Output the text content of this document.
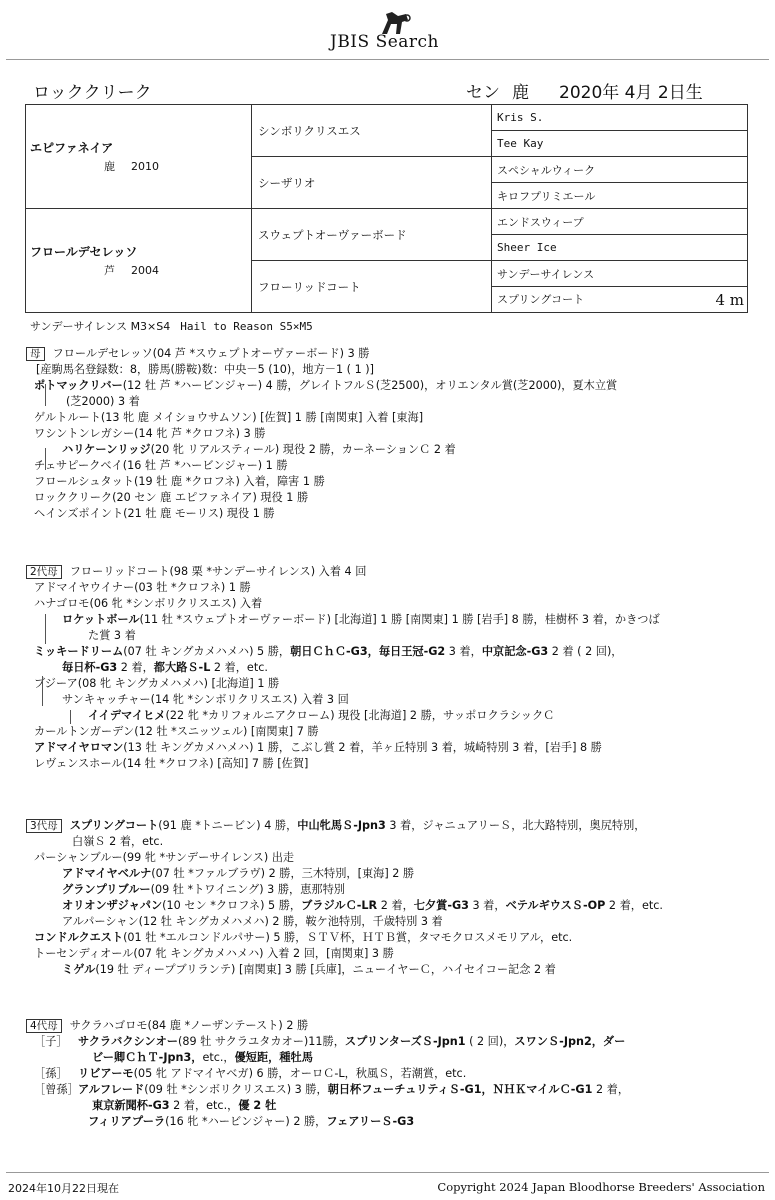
JBIS Search
ロッククリーク	セン 鹿 2020年 4月 2日生
エピファネイア
鹿 2010	シンボリクリスエス	Kris S.
		Tee Kay
	シーザリオ	スペシャルウィーク
		キロフプリミエール

フロールデセレッソ
芦 2004	スウェプトオーヴァーボード	エンドスウィープ
		Sheer Ice
	フローリッドコート	サンデーサイレンス
		スプリングコート 4 m
サンデーサイレンス M3×S4 Hail to Reason S5×M5
母 フロールデセレッソ(04 芦 *スウェプトオーヴァーボード) 3 勝
[産駒馬名登録数：8，勝馬(勝鞍)数：中央－5 (10)，地方－1 ( 1 )]
ポトマックリバー(12 牡 芦 *ハービンジャー) 4 勝，グレイトフルＳ(芝2500)，オリエンタル賞(芝2000)，夏木立賞
(芝2000) 3 着
ゲルトルート(13 牝 鹿 メイショウサムソン) [佐賀] 1 勝 [南関東] 入着 [東海]
ワシントンレガシー(14 牝 芦 *クロフネ) 3 勝
ハリケーンリッジ(20 牝 リアルスティール) 現役 2 勝，カーネーションＣ 2 着
チェサピークベイ(16 牡 芦 *ハービンジャー) 1 勝
フロールシュタット(19 牡 鹿 *クロフネ) 入着，障害 1 勝
ロッククリーク(20 セン 鹿 エピファネイア) 現役 1 勝
ヘインズポイント(21 牡 鹿 モーリス) 現役 1 勝
2代母 フローリッドコート(98 栗 *サンデーサイレンス) 入着 4 回
アドマイヤウイナー(03 牡 *クロフネ) 1 勝
ハナゴロモ(06 牝 *シンボリクリスエス) 入着
ロケットボール(11 牡 *スウェプトオーヴァーボード) [北海道] 1 勝 [南関東] 1 勝 [岩手] 8 勝，桂樹杯 3 着，かきつば
た賞 3 着
ミッキードリーム(07 牡 キングカメハメハ) 5 勝，朝日ＣｈＣ-G3，毎日王冠-G2 3 着，中京記念-G3 2 着 ( 2 回)，
毎日杯-G3 2 着，都大路Ｓ-L 2 着，etc.
ブジーア(08 牝 キングカメハメハ) [北海道] 1 勝
サンキャッチャー(14 牝 *シンボリクリスエス) 入着 3 回
イイデマイヒメ(22 牝 *カリフォルニアクローム) 現役 [北海道] 2 勝，サッポロクラシックＣ
カールトンガーデン(12 牡 *スニッツェル) [南関東] 7 勝
アドマイヤロマン(13 牡 キングカメハメハ) 1 勝，こぶし賞 2 着，羊ヶ丘特別 3 着，城崎特別 3 着，[岩手] 8 勝
レヴェンスホール(14 牡 *クロフネ) [高知] 7 勝 [佐賀]
3代母 スプリングコート(91 鹿 *トニービン) 4 勝，中山牝馬Ｓ-Jpn3 3 着，ジャニュアリーＳ，北大路特別，奥尻特別，
白嶺Ｓ 2 着，etc.
パーシャンブルー(99 牝 *サンデーサイレンス) 出走
アドマイヤベルナ(07 牡 *ファルブラヴ) 2 勝，三木特別，[東海] 2 勝
グランプリブルー(09 牡 *トワイニング) 3 勝，恵那特別
オリオンザジャパン(10 セン *クロフネ) 5 勝，ブラジルＣ-LR 2 着，七夕賞-G3 3 着，ベテルギウスＳ-OP 2 着，etc.
アルパーシャン(12 牡 キングカメハメハ) 2 勝，鞍ケ池特別，千歳特別 3 着
コンドルクエスト(01 牡 *エルコンドルパサー) 5 勝，ＳＴＶ杯，ＨＴＢ賞，タマモクロスメモリアル，etc.
トーセンディオール(07 牝 キングカメハメハ) 入着 2 回，[南関東] 3 勝
ミゲル(19 牡 ディープブリランテ) [南関東] 3 勝 [兵庫]，ニューイヤーＣ，ハイセイコー記念 2 着
4代母 サクラハゴロモ(84 鹿 *ノーザンテースト) 2 勝
［子］ サクラバクシンオー(89 牡 サクラユタカオー)11勝，スプリンターズＳ-Jpn1 ( 2 回)，スワンＳ-Jpn2，ダー
ビー卿ＣｈＴ-Jpn3，etc.，優短距，種牡馬
［孫］ リビアーモ(05 牝 アドマイヤベガ) 6 勝，オーロＣ-L，秋風Ｓ，若潮賞，etc.
［曾孫］アルフレード(09 牡 *シンボリクリスエス) 3 勝，朝日杯フューチュリティＳ-G1，ＮＨＫマイルＣ-G1 2 着，
東京新聞杯-G3 2 着，etc.，優 2 牡
フィリアプーラ(16 牝 *ハービンジャー) 2 勝，フェアリーＳ-G3
2024年10月22日現在	Copyright 2024 Japan Bloodhorse Breeders' Association
